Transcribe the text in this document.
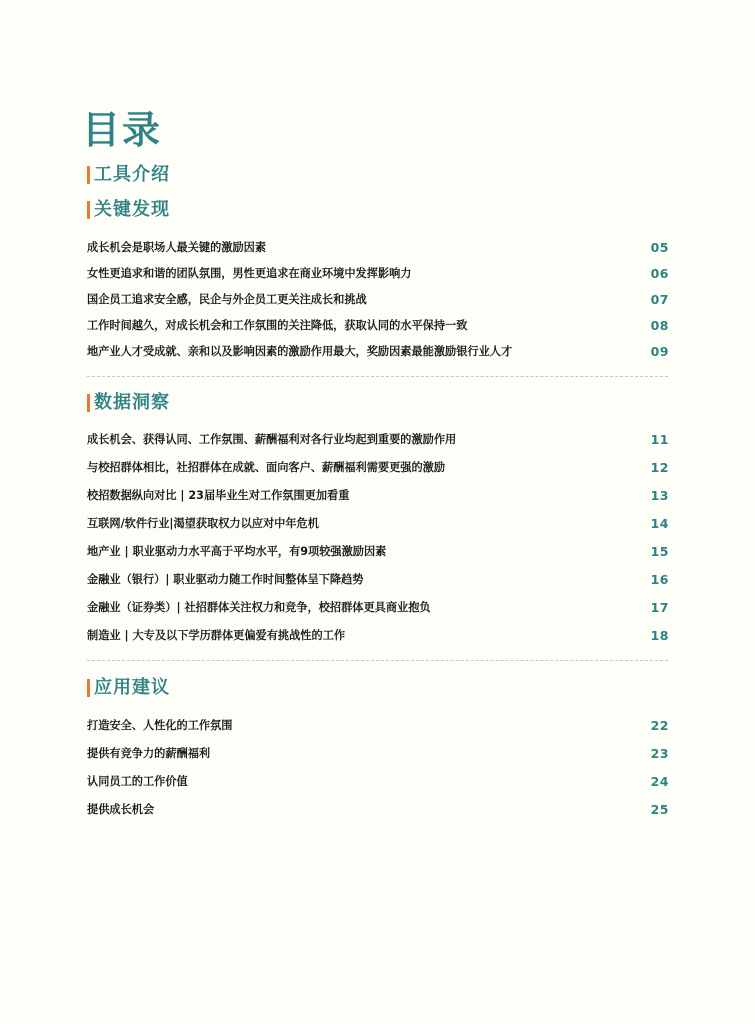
目录
工具介绍
关键发现
成长机会是职场人最关键的激励因素	05
女性更追求和谐的团队氛围，男性更追求在商业环境中发挥影响力	06
国企员工追求安全感，民企与外企员工更关注成长和挑战	07
工作时间越久，对成长机会和工作氛围的关注降低，获取认同的水平保持一致	08
地产业人才受成就、亲和以及影响因素的激励作用最大，奖励因素最能激励银行业人才	09
数据洞察
成长机会、获得认同、工作氛围、薪酬福利对各行业均起到重要的激励作用	11
与校招群体相比，社招群体在成就、面向客户、薪酬福利需要更强的激励	12
校招数据纵向对比 | 23届毕业生对工作氛围更加看重	13
互联网/软件行业|渴望获取权力以应对中年危机	14
地产业 | 职业驱动力水平高于平均水平，有9项较强激励因素	15
金融业（银行）| 职业驱动力随工作时间整体呈下降趋势	16
金融业（证券类）| 社招群体关注权力和竞争，校招群体更具商业抱负	17
制造业 | 大专及以下学历群体更偏爱有挑战性的工作	18
应用建议
打造安全、人性化的工作氛围	22
提供有竞争力的薪酬福利	23
认同员工的工作价值	24
提供成长机会	25
